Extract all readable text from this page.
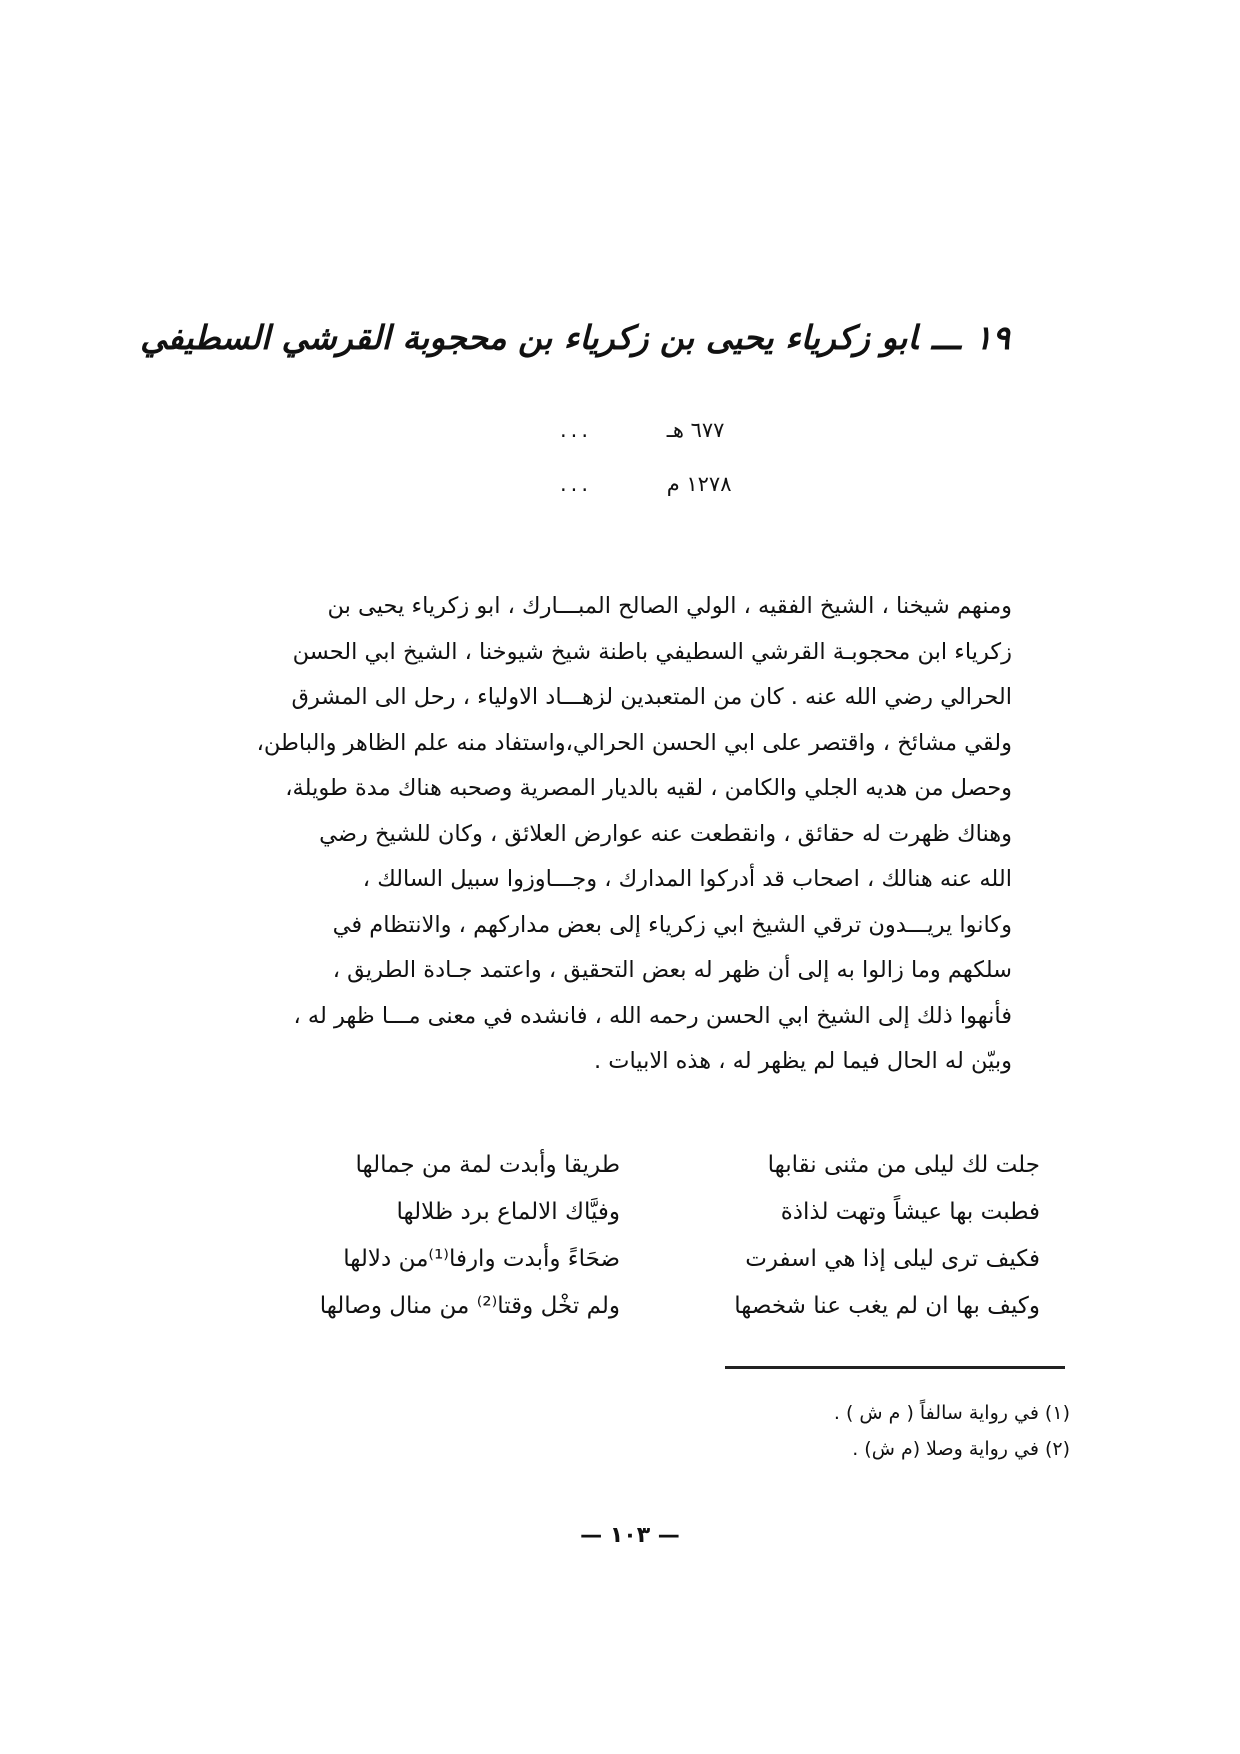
١٩ـــابو زكرياء يحيى بن زكرياء بن محجوبة القرشي السطيفي
٦٧٧ هـ ...
١٢٧٨ م ...
ومنهم شيخنا ، الشيخ الفقيه ، الولي الصالح المبـــارك ، ابو زكرياء يحيى بن
زكرياء ابن محجوبـة القرشي السطيفي باطنة شيخ شيوخنا ، الشيخ ابي الحسن
الحرالي رضي الله عنه . كان من المتعبدين لزهـــاد الاولياء ، رحل الى المشرق
ولقي مشائخ ، واقتصر على ابي الحسن الحرالي،واستفاد منه علم الظاهر والباطن،
وحصل من هديه الجلي والكامن ، لقيه بالديار المصرية وصحبه هناك مدة طويلة،
وهناك ظهرت له حقائق ، وانقطعت عنه عوارض العلائق ، وكان للشيخ رضي
الله عنه هنالك ، اصحاب قد أدركوا المدارك ، وجـــاوزوا سبيل السالك ،
وكانوا يريـــدون ترقي الشيخ ابي زكرياء إلى بعض مداركهم ، والانتظام في
سلكهم وما زالوا به إلى أن ظهر له بعض التحقيق ، واعتمد جـادة الطريق ،
فأنهوا ذلك إلى الشيخ ابي الحسن رحمه الله ، فانشده في معنى مـــا ظهر له ،
وبيّن له الحال فيما لم يظهر له ، هذه الابيات .
جلت لك ليلى من مثنى نقابها
طريقا وأبدت لمة من جمالها
فطبت بها عيشاً وتهت لذاذة
وفيَّاك الالماع برد ظلالها
فكيف ترى ليلى إذا هي اسفرت
ضحَاءً وأبدت وارفا⁽¹⁾من دلالها
وكيف بها ان لم يغب عنا شخصها
ولم تخْل وقتا⁽²⁾ من منال وصالها
(١) في رواية سالفاً ( م ش ) .
(٢) في رواية وصلا (م ش) .
— ١٠٣ —
